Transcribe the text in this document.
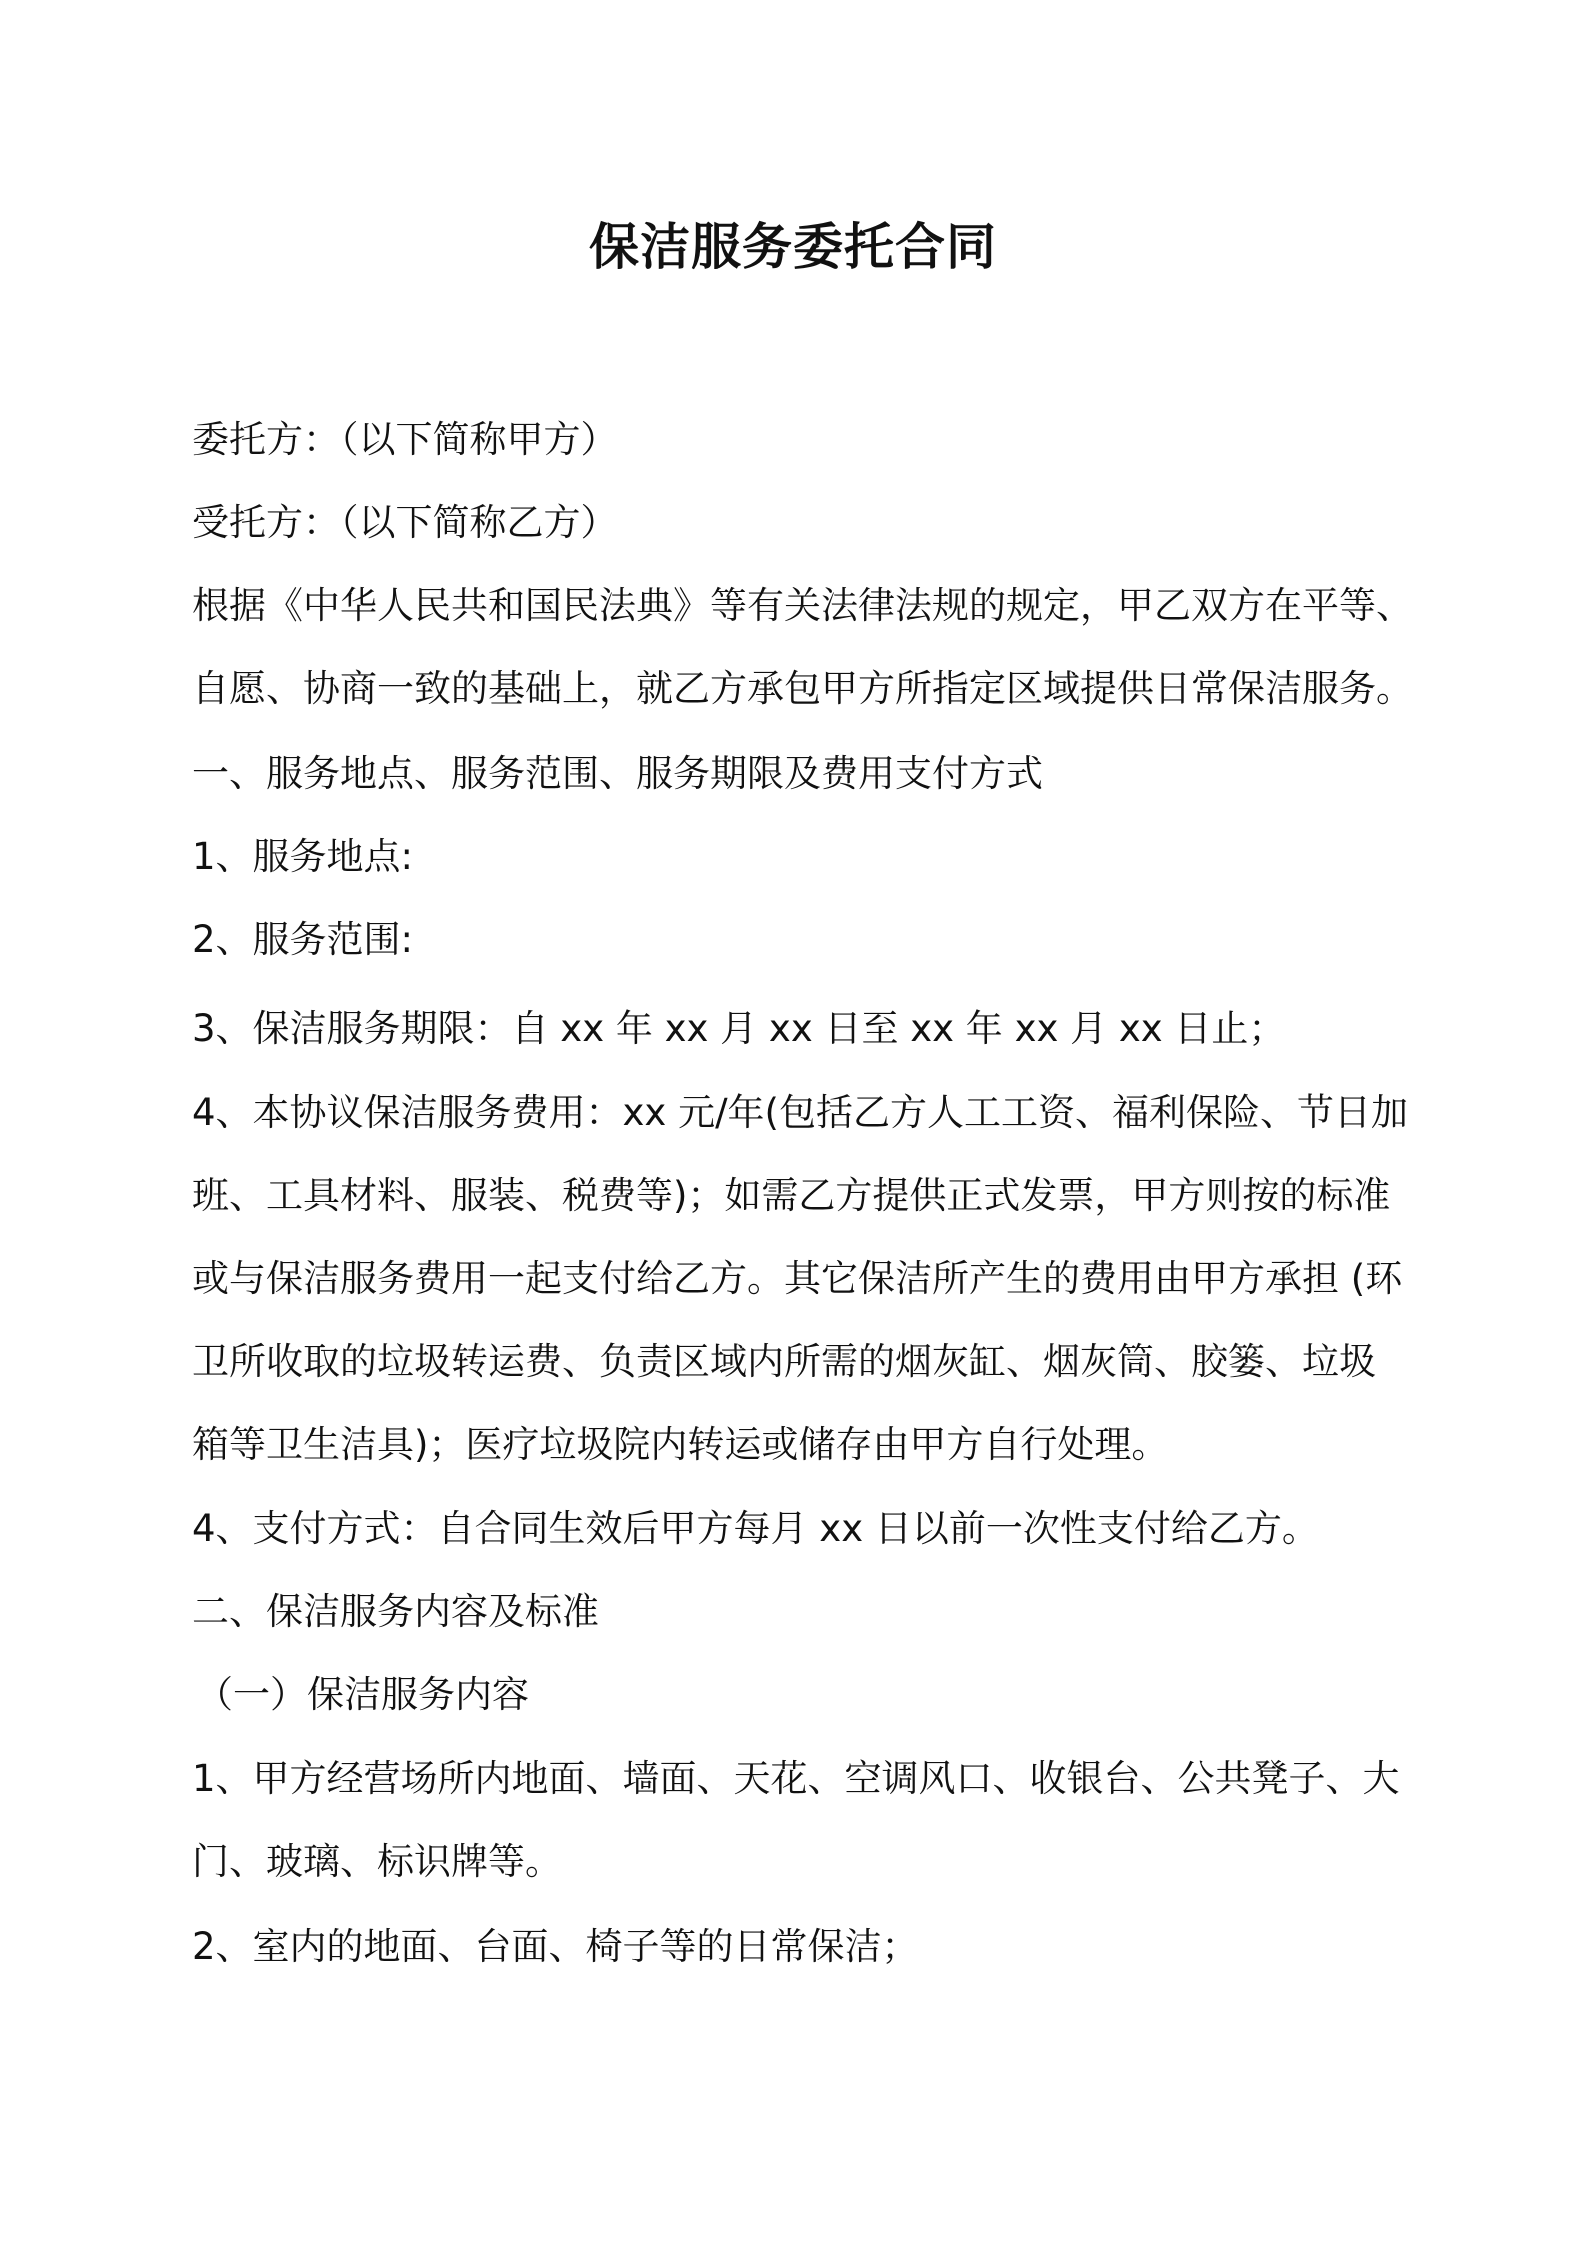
保洁服务委托合同
委托方：（以下简称甲方）
受托方：（以下简称乙方）
根据《中华人民共和国民法典》等有关法律法规的规定，甲乙双方在平等、
自愿、协商一致的基础上，就乙方承包甲方所指定区域提供日常保洁服务。
一、服务地点、服务范围、服务期限及费用支付方式
1、服务地点:
2、服务范围:
3、保洁服务期限：自 xx 年 xx 月 xx 日至 xx 年 xx 月 xx 日止；
4、本协议保洁服务费用：xx 元/年(包括乙方人工工资、福利保险、节日加
班、工具材料、服装、税费等)；如需乙方提供正式发票，甲方则按的标准
或与保洁服务费用一起支付给乙方。其它保洁所产生的费用由甲方承担 (环
卫所收取的垃圾转运费、负责区域内所需的烟灰缸、烟灰筒、胶篓、垃圾
箱等卫生洁具)；医疗垃圾院内转运或储存由甲方自行处理。
4、支付方式：自合同生效后甲方每月 xx 日以前一次性支付给乙方。
二、保洁服务内容及标准
（一）保洁服务内容
1、甲方经营场所内地面、墙面、天花、空调风口、收银台、公共凳子、大
门、玻璃、标识牌等。
2、室内的地面、台面、椅子等的日常保洁；
